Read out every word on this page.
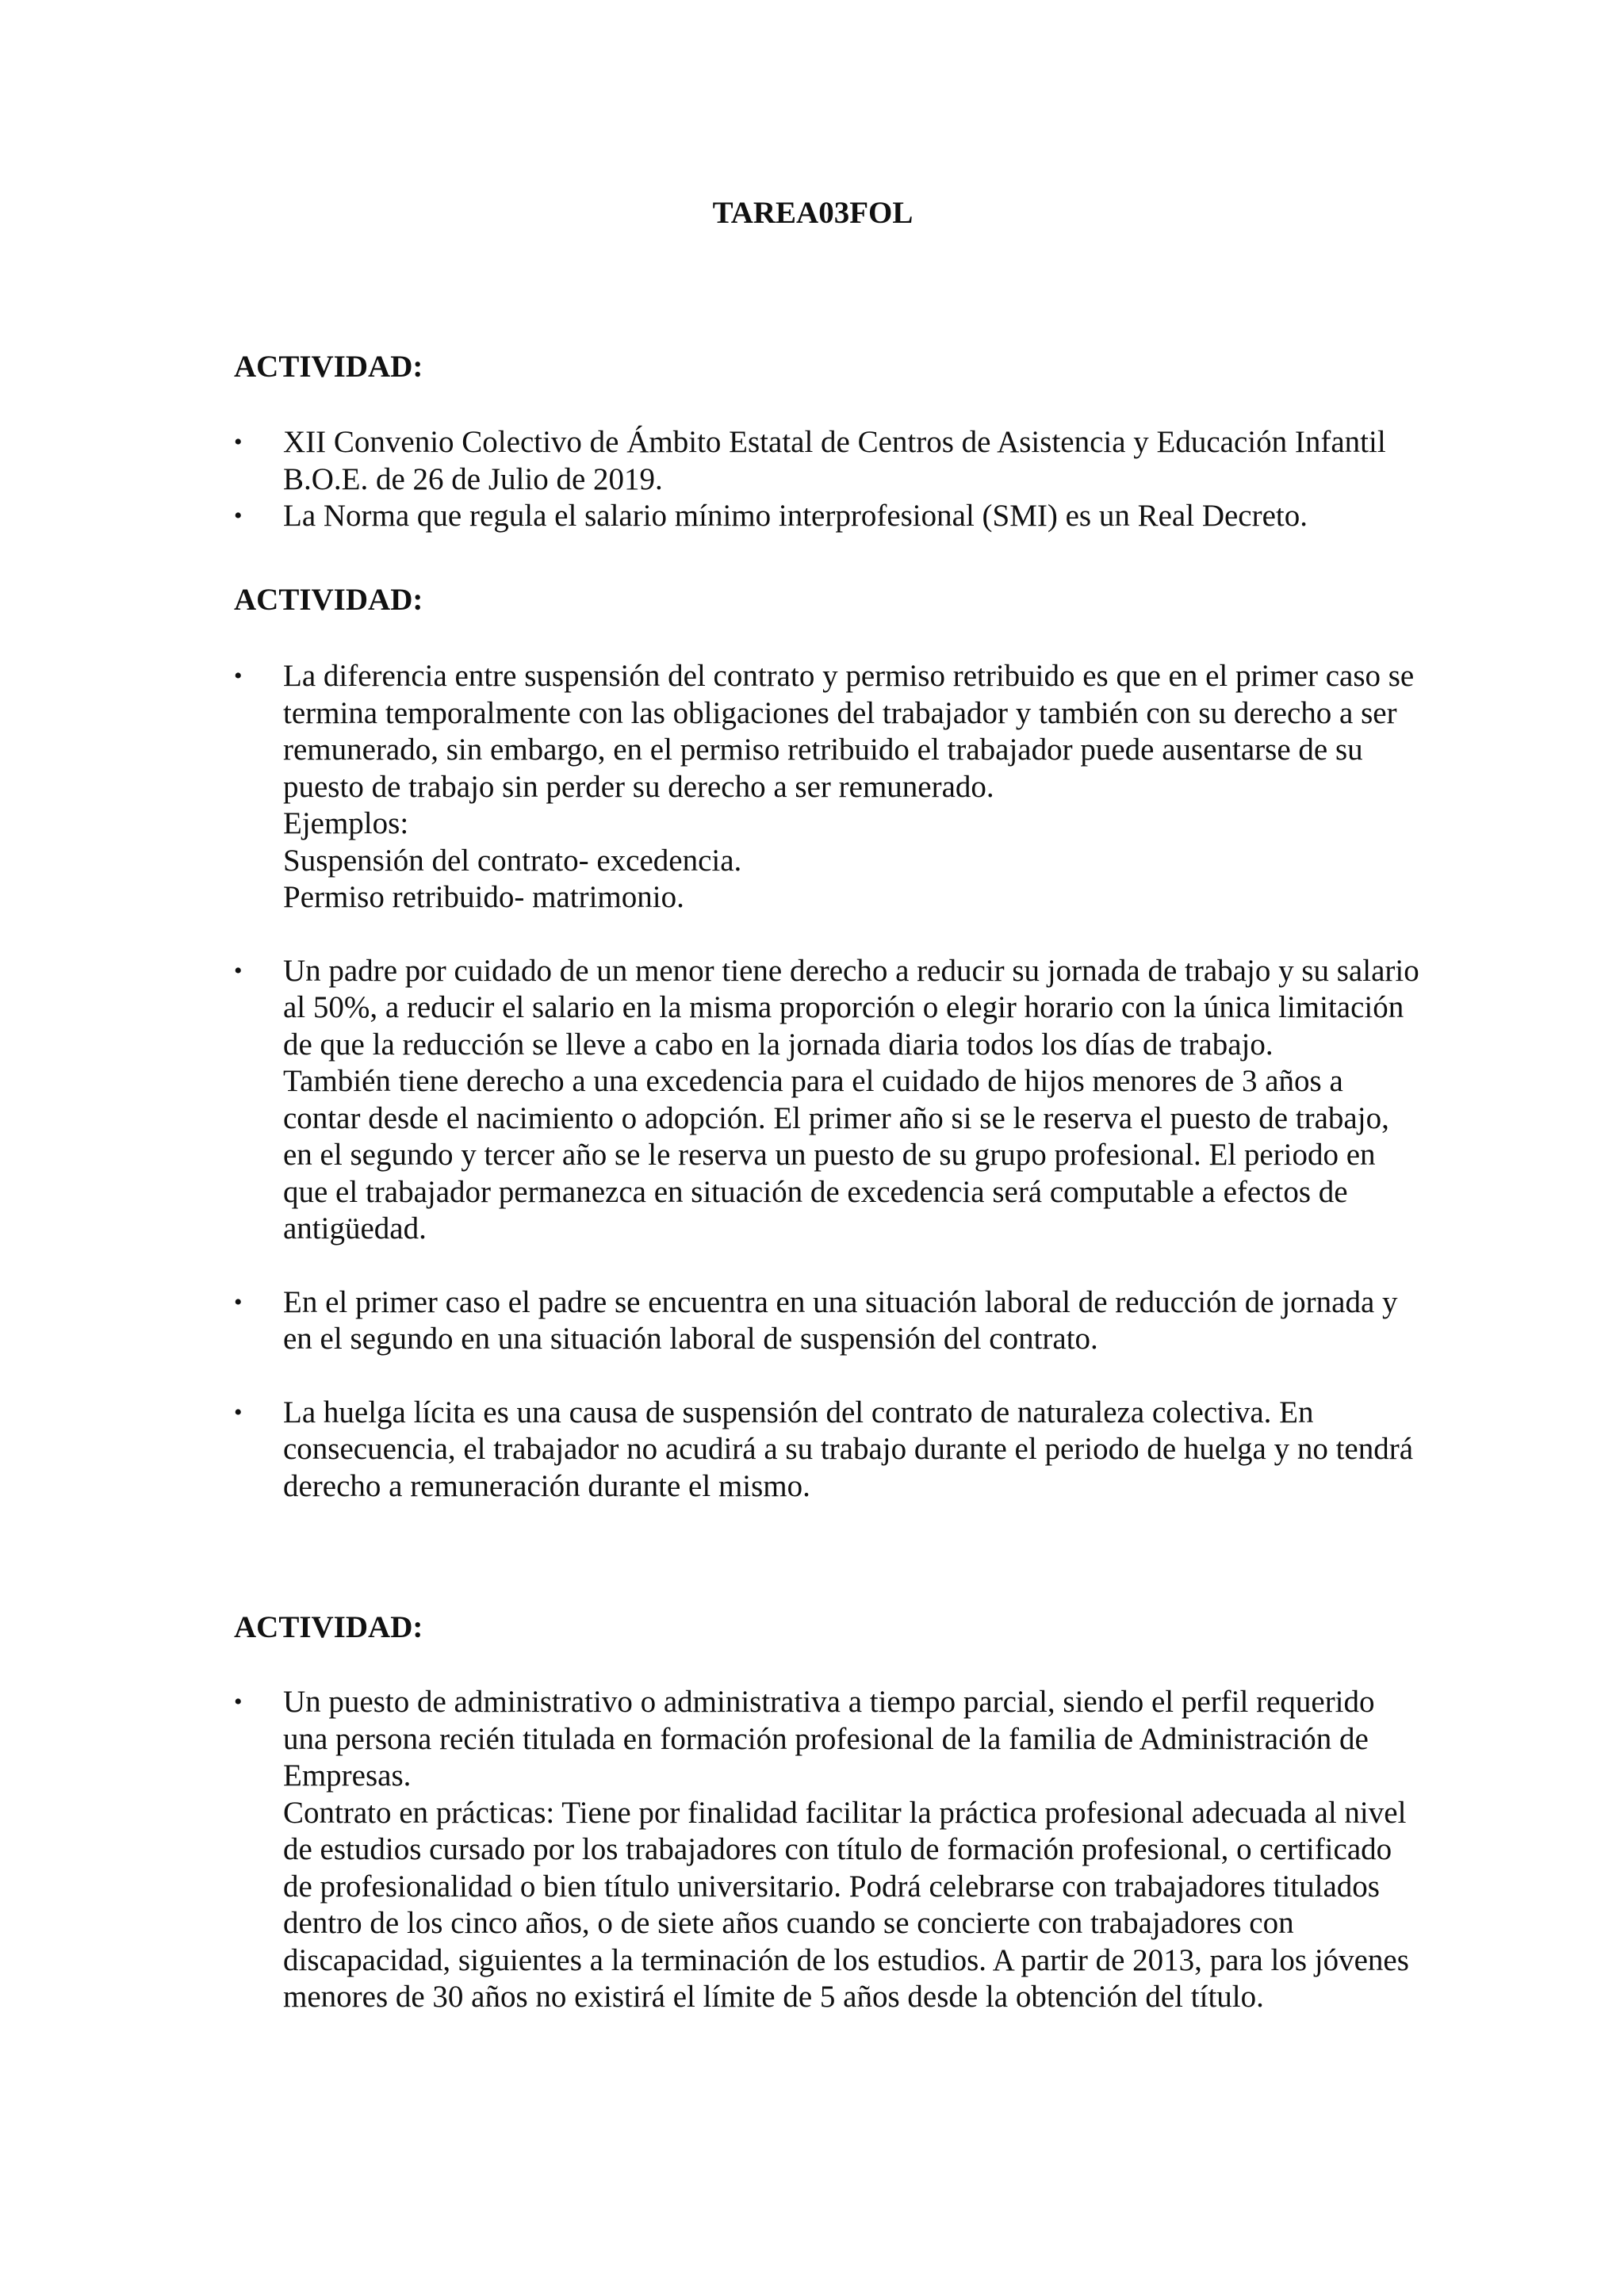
TAREA03FOL
ACTIVIDAD:
• XII Convenio Colectivo de Ámbito Estatal de Centros de Asistencia y Educación Infantil B.O.E. de 26 de Julio de 2019.
• La Norma que regula el salario mínimo interprofesional (SMI) es un Real Decreto.
ACTIVIDAD:
• La diferencia entre suspensión del contrato y permiso retribuido es que en el primer caso se termina temporalmente con las obligaciones del trabajador y también con su derecho a ser remunerado, sin embargo, en el permiso retribuido el trabajador puede ausentarse de su puesto de trabajo sin perder su derecho a ser remunerado.
Ejemplos:
Suspensión del contrato- excedencia.
Permiso retribuido- matrimonio.
• Un padre por cuidado de un menor tiene derecho a reducir su jornada de trabajo y su salario al 50%, a reducir el salario en la misma proporción o elegir horario con la única limitación de que la reducción se lleve a cabo en la jornada diaria todos los días de trabajo.
También tiene derecho a una excedencia para el cuidado de hijos menores de 3 años a contar desde el nacimiento o adopción. El primer año si se le reserva el puesto de trabajo, en el segundo y tercer año se le reserva un puesto de su grupo profesional. El periodo en que el trabajador permanezca en situación de excedencia será computable a efectos de antigüedad.
• En el primer caso el padre se encuentra en una situación laboral de reducción de jornada y en el segundo en una situación laboral de suspensión del contrato.
• La huelga lícita es una causa de suspensión del contrato de naturaleza colectiva. En consecuencia, el trabajador no acudirá a su trabajo durante el periodo de huelga y no tendrá derecho a remuneración durante el mismo.
ACTIVIDAD:
• Un puesto de administrativo o administrativa a tiempo parcial, siendo el perfil requerido una persona recién titulada en formación profesional de la familia de Administración de Empresas.
Contrato en prácticas: Tiene por finalidad facilitar la práctica profesional adecuada al nivel de estudios cursado por los trabajadores con título de formación profesional, o certificado de profesionalidad o bien título universitario. Podrá celebrarse con trabajadores titulados dentro de los cinco años, o de siete años cuando se concierte con trabajadores con discapacidad, siguientes a la terminación de los estudios. A partir de 2013, para los jóvenes menores de 30 años no existirá el límite de 5 años desde la obtención del título.
